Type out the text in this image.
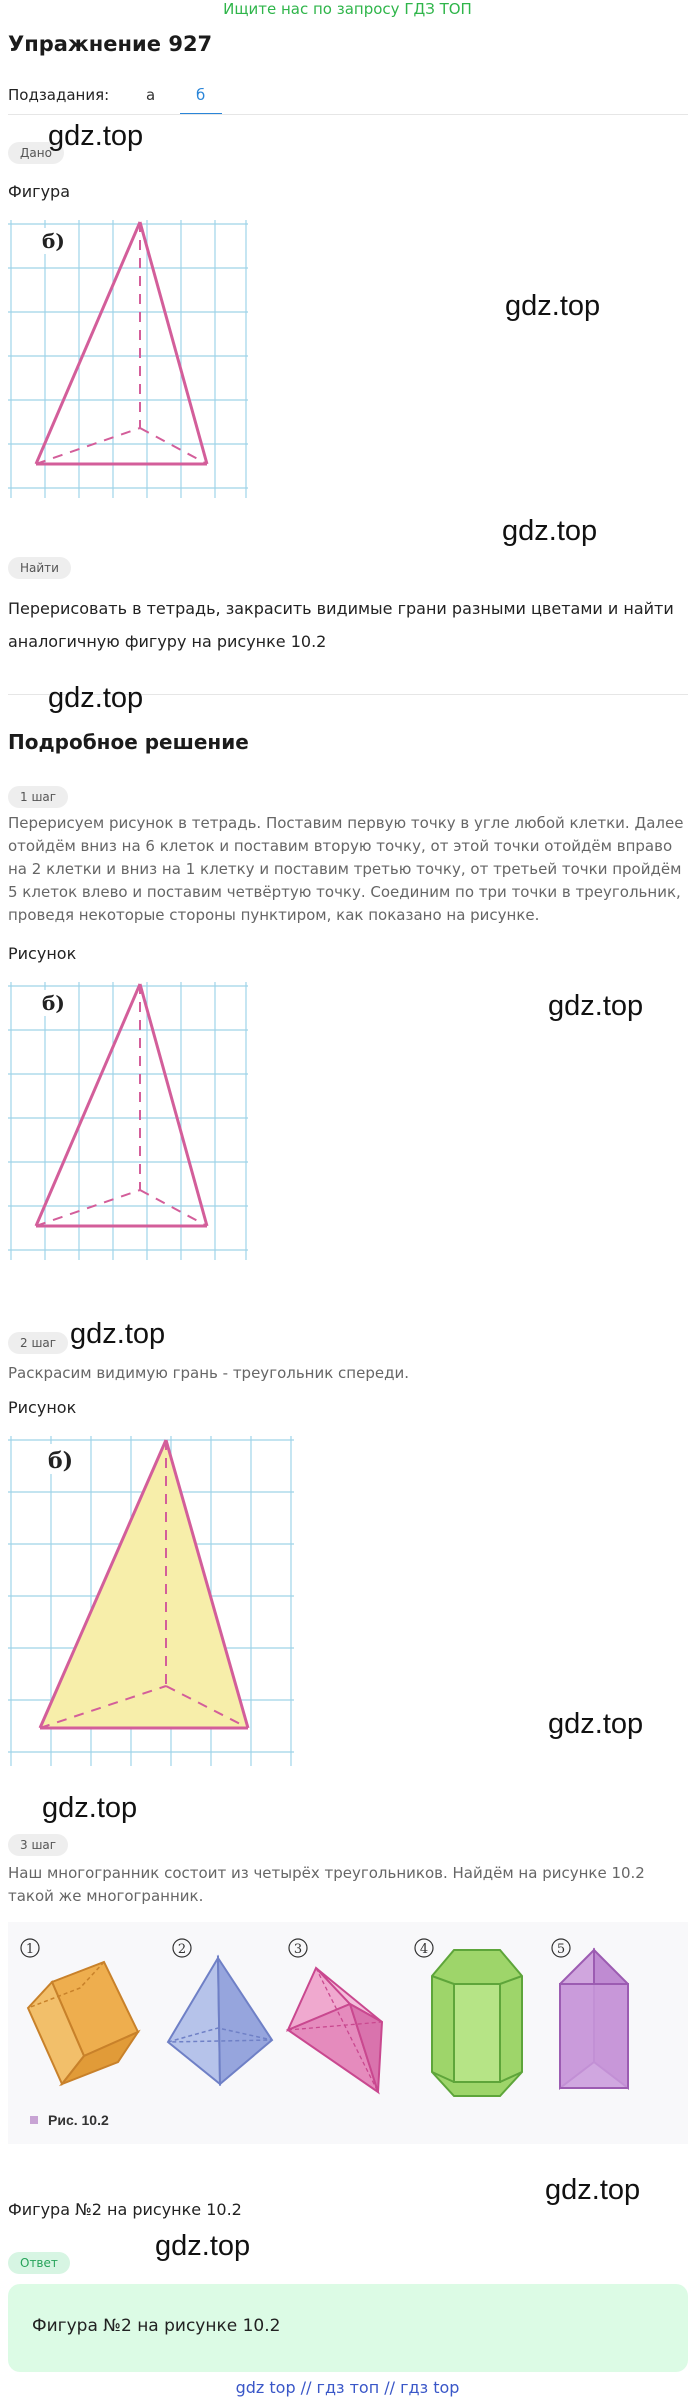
Ищите нас по запросу ГДЗ ТОП
Упражнение 927
Подзадания: а	б
Дано
gdz.top
Фигура
б)
gdz.top
gdz.top
Найти
Перерисовать в тетрадь, закрасить видимые грани разными цветами и найти аналогичную фигуру на рисунке 10.2
gdz.top
Подробное решение
1 шаг
Перерисуем рисунок в тетрадь. Поставим первую точку в угле любой клетки. Далее отойдём вниз на 6 клеток и поставим вторую точку, от этой точки отойдём вправо на 2 клетки и вниз на 1 клетку и поставим третью точку, от третьей точки пройдём 5 клеток влево и поставим четвёртую точку. Соединим по три точки в треугольник, проведя некоторые стороны пунктиром, как показано на рисунке.
Рисунок
б)	gdz.top
2 шаг gdz.top
Раскрасим видимую грань - треугольник спереди.
Рисунок
б)
gdz.top
gdz.top
3 шаг
Наш многогранник состоит из четырёх треугольников. Найдём на рисунке 10.2 такой же многогранник.
1	2	3	4	5
Рис. 10.2
gdz.top
Фигура №2 на рисунке 10.2
Ответ
gdz.top
Фигура №2 на рисунке 10.2
gdz top // гдз топ // гдз top
